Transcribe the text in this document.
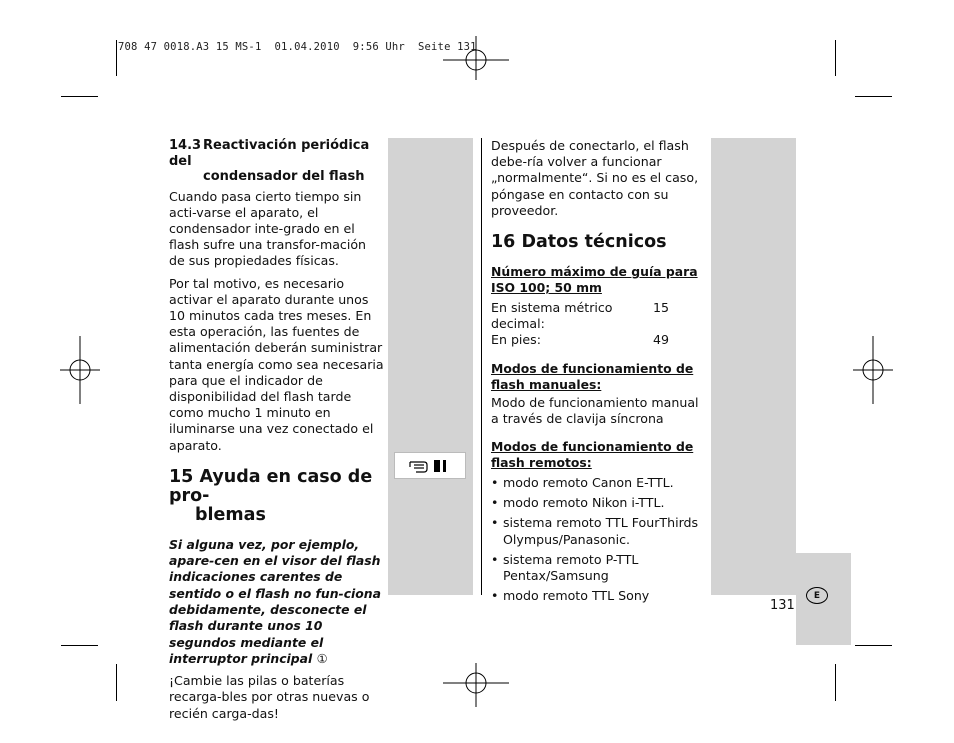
708 47 0018.A3 15 MS-1  01.04.2010  9:56 Uhr  Seite 131
14.3 Reactivación periódica del
condensador del flash

Cuando pasa cierto tiempo sin acti-varse el aparato, el condensador inte-grado en el flash sufre una transfor-mación de sus propiedades físicas.

Por tal motivo, es necesario activar el aparato durante unos 10 minutos cada tres meses. En esta operación, las fuentes de alimentación deberán suministrar tanta energía como sea necesaria para que el indicador de disponibilidad del flash tarde como mucho 1 minuto en iluminarse una vez conectado el aparato.

15 Ayuda en caso de pro-
blemas

Si alguna vez, por ejemplo, apare-cen en el visor del flash indicaciones carentes de sentido o el flash no fun-ciona debidamente, desconecte el flash durante unos 10 segundos mediante el interruptor principal ①

¡Cambie las pilas o baterías recarga-bles por otras nuevas o recién carga-das!

Después de conectarlo, el flash debe-ría volver a funcionar „normalmente“. Si no es el caso, póngase en contacto con su proveedor.

16 Datos técnicos
Número máximo de guía para ISO 100; 50 mm
En sistema métrico decimal:
15
En pies:	49
Modos de funcionamiento de flash manuales:

Modo de funcionamiento manual a través de clavija síncrona

Modos de funcionamiento de flash remotos:
• modo remoto Canon E-TTL.
• modo remoto Nikon i-TTL.
• sistema remoto TTL FourThirds Olympus/Panasonic.
• sistema remoto P-TTL Pentax/Samsung
• modo remoto TTL Sony
131
E
